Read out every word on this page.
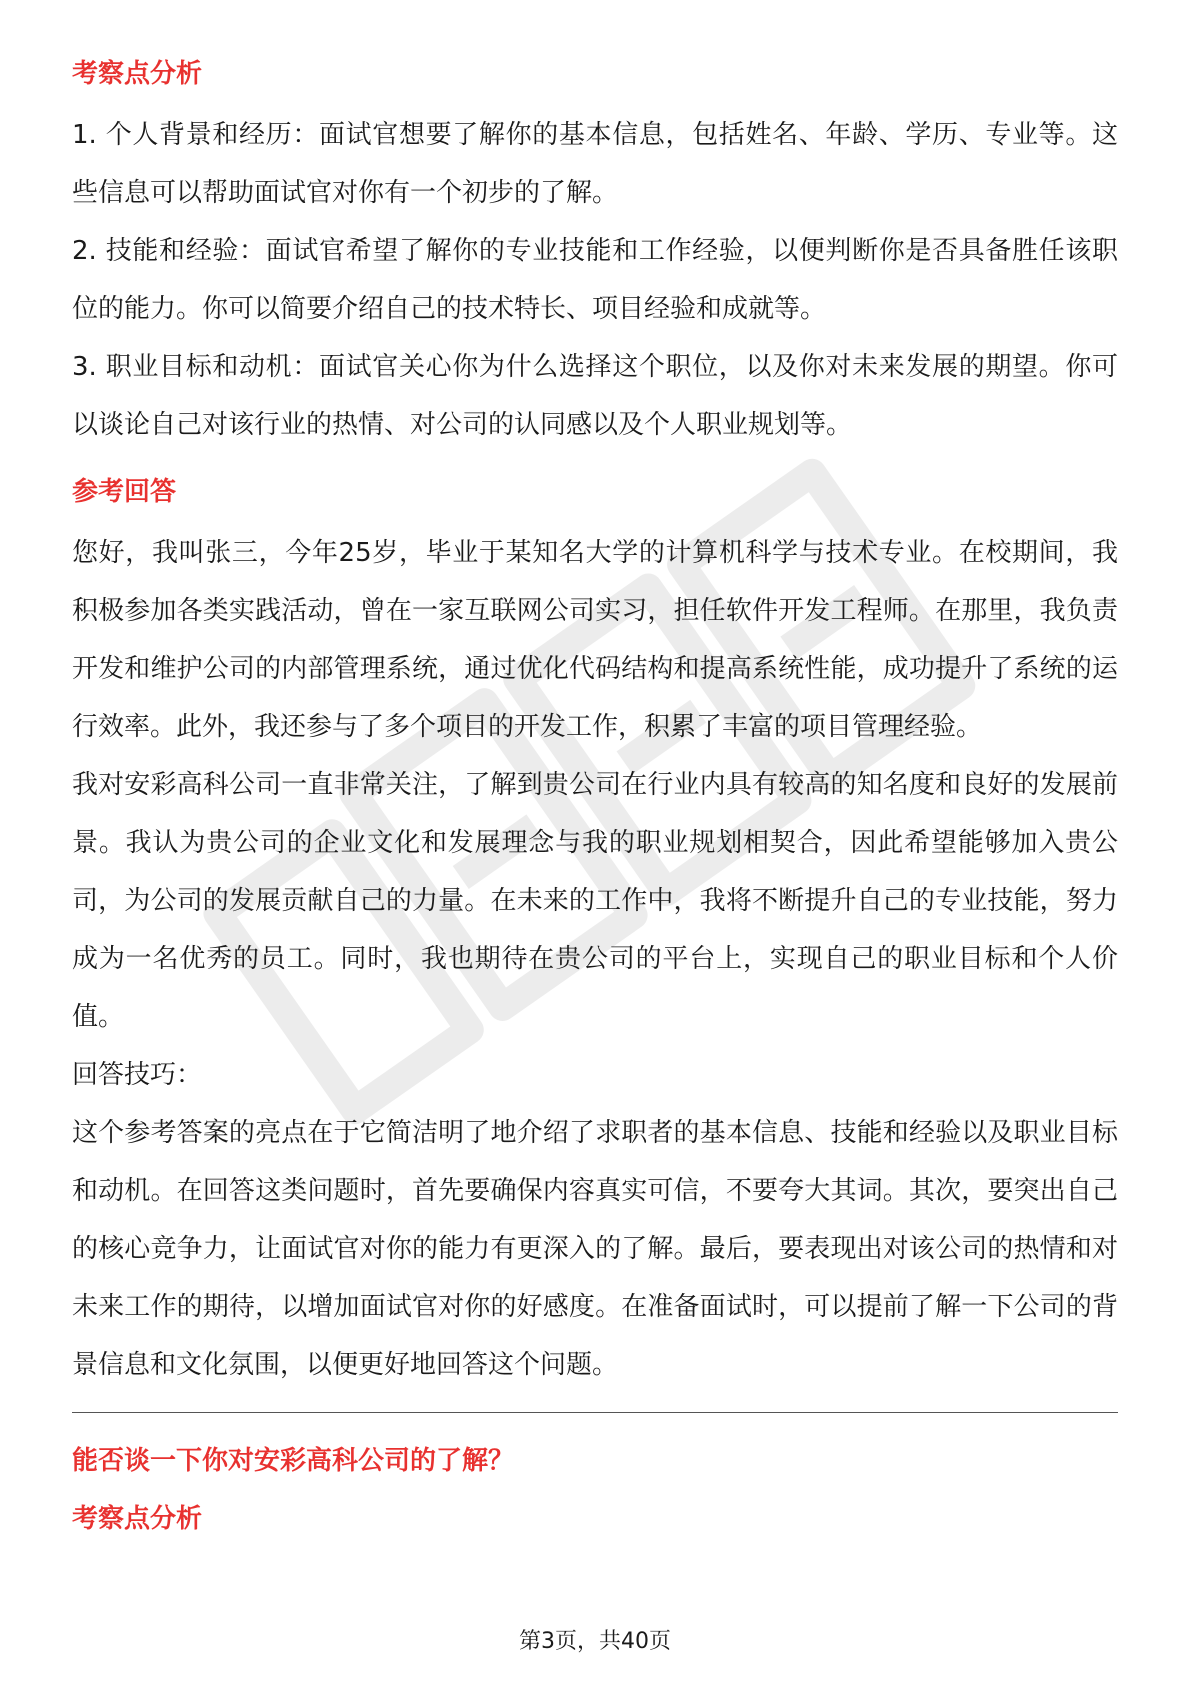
考察点分析

1. 个人背景和经历：面试官想要了解你的基本信息，包括姓名、年龄、学历、专业等。这些信息可以帮助面试官对你有一个初步的了解。

2. 技能和经验：面试官希望了解你的专业技能和工作经验，以便判断你是否具备胜任该职位的能力。你可以简要介绍自己的技术特长、项目经验和成就等。

3. 职业目标和动机：面试官关心你为什么选择这个职位，以及你对未来发展的期望。你可以谈论自己对该行业的热情、对公司的认同感以及个人职业规划等。

参考回答

您好，我叫张三，今年25岁，毕业于某知名大学的计算机科学与技术专业。在校期间，我积极参加各类实践活动，曾在一家互联网公司实习，担任软件开发工程师。在那里，我负责开发和维护公司的内部管理系统，通过优化代码结构和提高系统性能，成功提升了系统的运行效率。此外，我还参与了多个项目的开发工作，积累了丰富的项目管理经验。

我对安彩高科公司一直非常关注，了解到贵公司在行业内具有较高的知名度和良好的发展前景。我认为贵公司的企业文化和发展理念与我的职业规划相契合，因此希望能够加入贵公司，为公司的发展贡献自己的力量。在未来的工作中，我将不断提升自己的专业技能，努力成为一名优秀的员工。同时，我也期待在贵公司的平台上，实现自己的职业目标和个人价值。

回答技巧：

这个参考答案的亮点在于它简洁明了地介绍了求职者的基本信息、技能和经验以及职业目标和动机。在回答这类问题时，首先要确保内容真实可信，不要夸大其词。其次，要突出自己的核心竞争力，让面试官对你的能力有更深入的了解。最后，要表现出对该公司的热情和对未来工作的期待，以增加面试官对你的好感度。在准备面试时，可以提前了解一下公司的背景信息和文化氛围，以便更好地回答这个问题。

能否谈一下你对安彩高科公司的了解？
考察点分析
第3页，共40页
